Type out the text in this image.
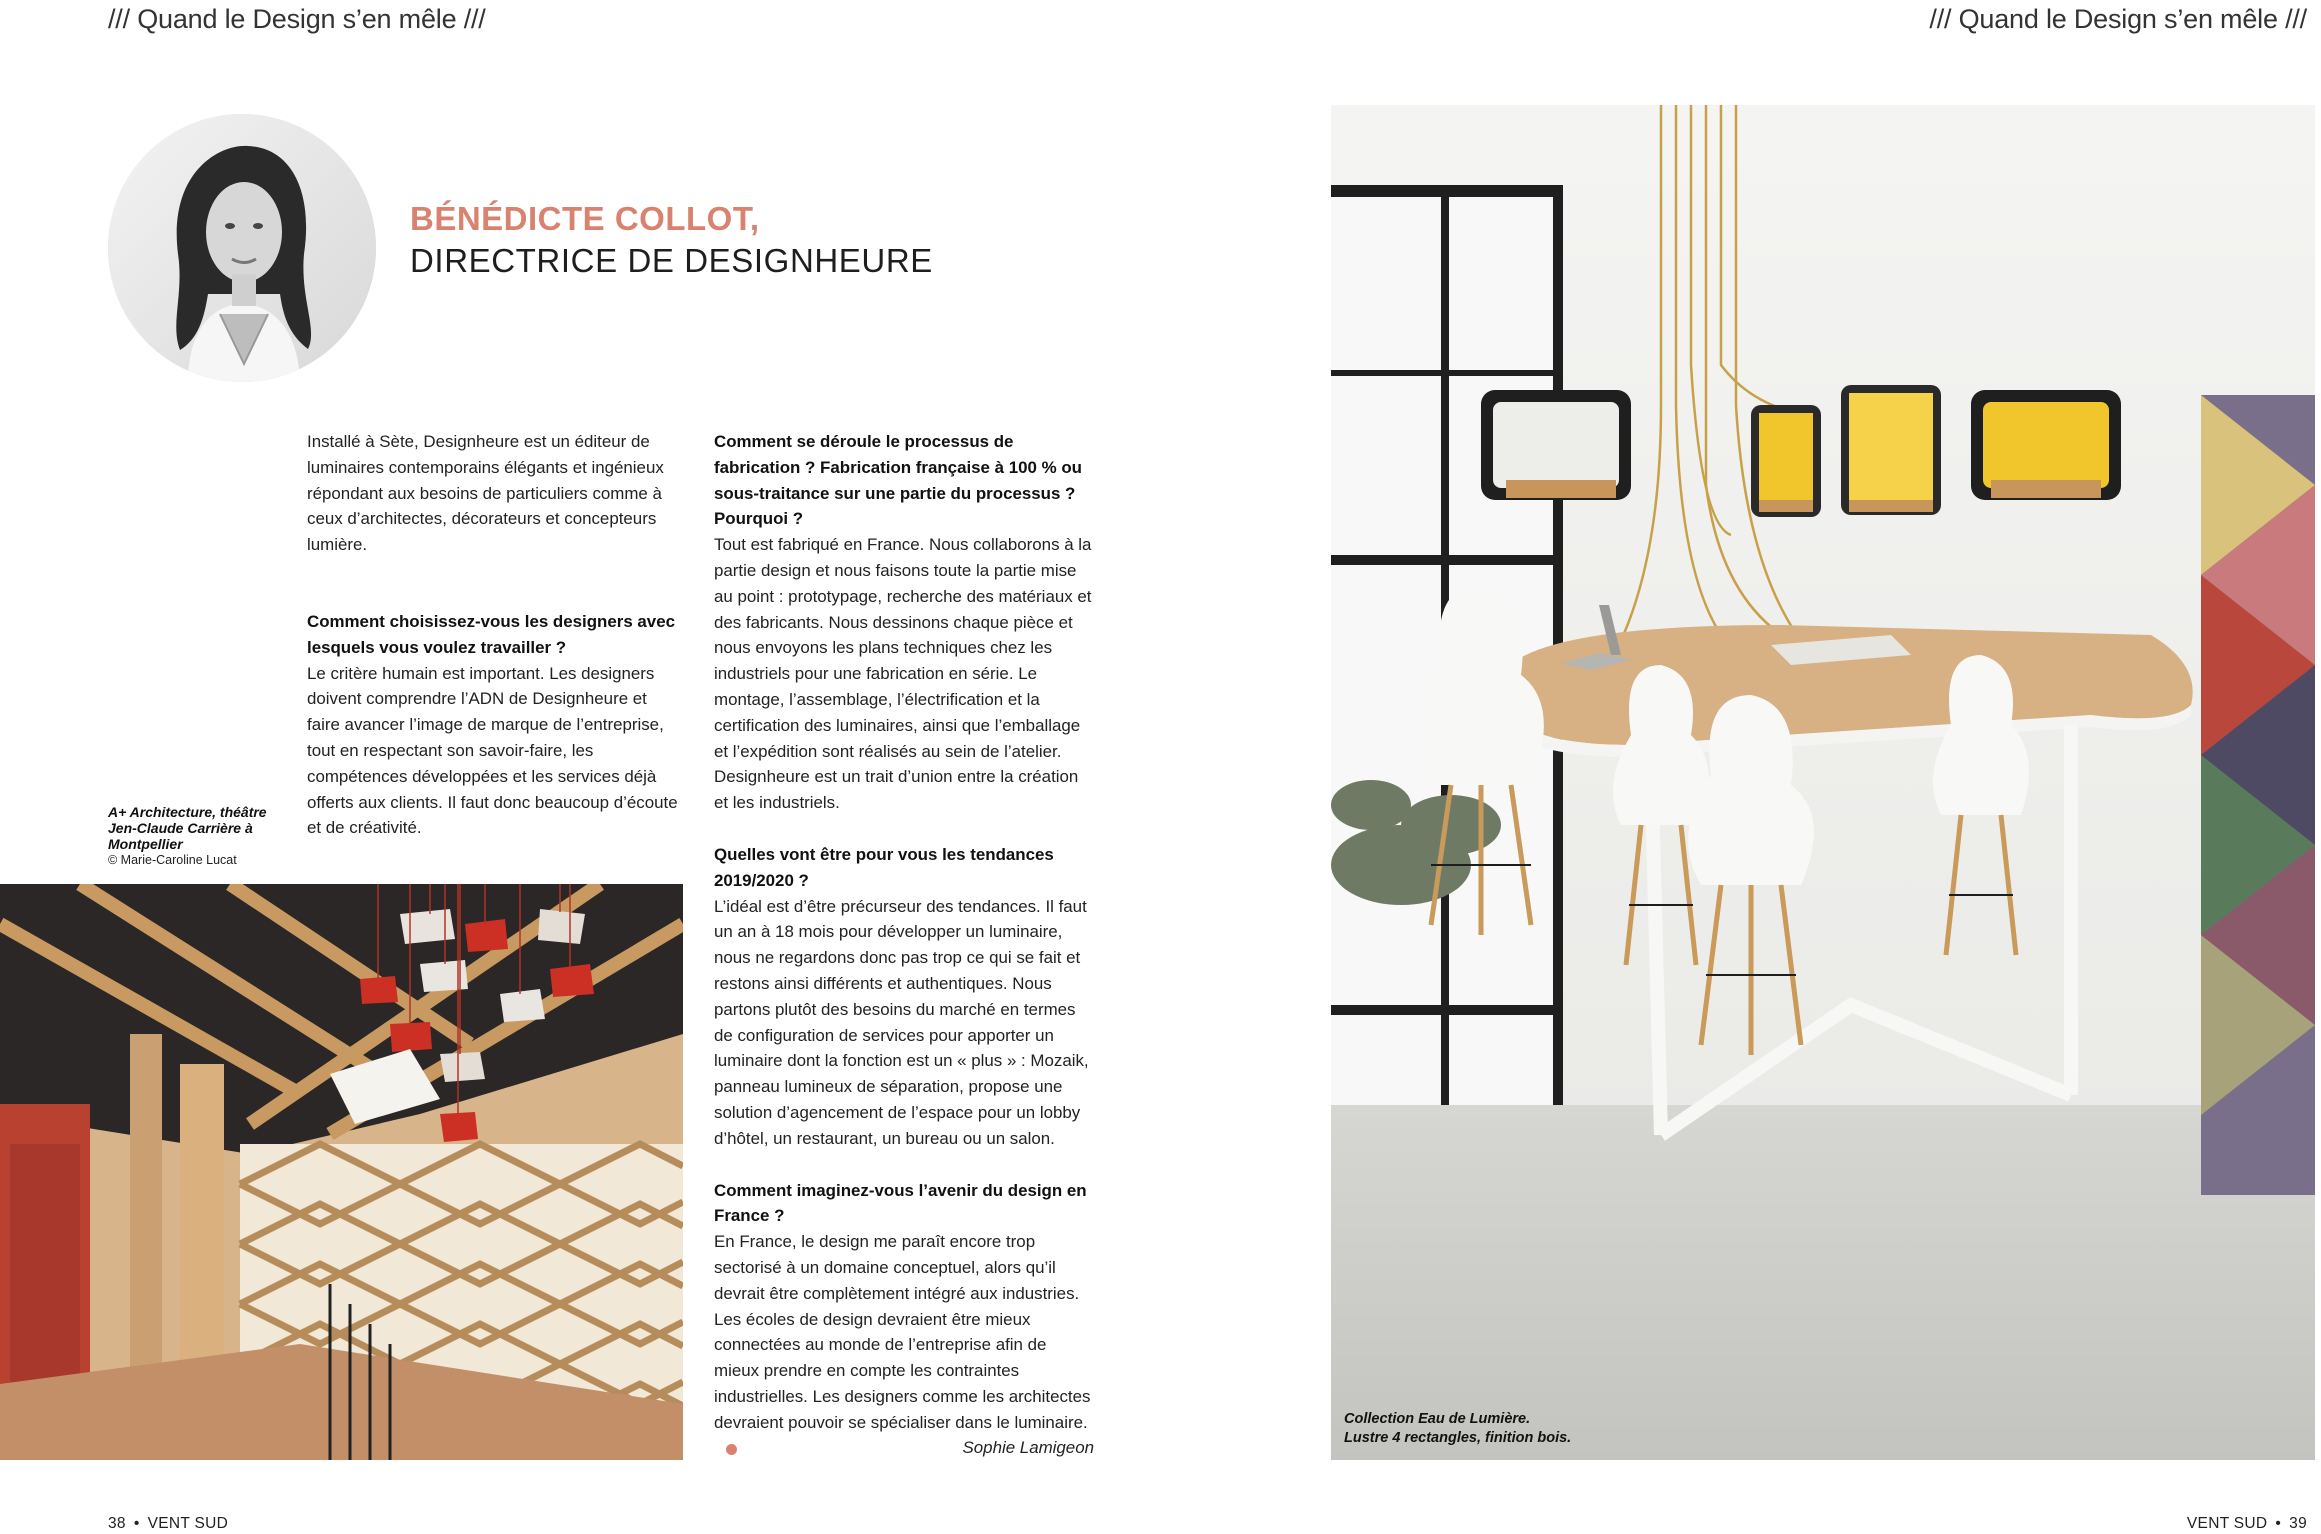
/// Quand le Design s’en mêle ///	/// Quand le Design s’en mêle ///
BÉNÉDICTE COLLOT,
DIRECTRICE DE DESIGNHEURE

Installé à Sète, Designheure est un éditeur de luminaires contemporains élégants et ingénieux répondant aux besoins de particuliers comme à ceux d’architectes, décorateurs et concepteurs lumière.

Comment choisissez-vous les designers avec lesquels vous voulez travailler ?

Le critère humain est important. Les designers doivent comprendre l’ADN de Designheure et faire avancer l’image de marque de l’entreprise, tout en respectant son savoir-faire, les compétences développées et les services déjà offerts aux clients. Il faut donc beaucoup d’écoute et de créativité.

Comment se déroule le processus de fabrication ? Fabrication française à 100 % ou sous-traitance sur une partie du processus ? Pourquoi ?

Tout est fabriqué en France. Nous collaborons à la partie design et nous faisons toute la partie mise au point : prototypage, recherche des matériaux et des fabricants. Nous dessinons chaque pièce et nous envoyons les plans techniques chez les industriels pour une fabrication en série. Le montage, l’assemblage, l’électrification et la certification des luminaires, ainsi que l’emballage et l’expédition sont réalisés au sein de l’atelier. Designheure est un trait d’union entre la création et les industriels.

Quelles vont être pour vous les tendances 2019/2020 ?

L’idéal est d’être précurseur des tendances. Il faut un an à 18 mois pour développer un luminaire, nous ne regardons donc pas trop ce qui se fait et restons ainsi différents et authentiques. Nous partons plutôt des besoins du marché en termes de configuration de services pour apporter un luminaire dont la fonction est un « plus » : Mozaik, panneau lumineux de séparation, propose une solution d’agencement de l’espace pour un lobby d’hôtel, un restaurant, un bureau ou un salon.

Comment imaginez-vous l’avenir du design en France ?

En France, le design me paraît encore trop sectorisé à un domaine conceptuel, alors qu’il devrait être complètement intégré aux industries. Les écoles de design devraient être mieux connectées au monde de l’entreprise afin de mieux prendre en compte les contraintes industrielles. Les designers comme les architectes devraient pouvoir se spécialiser dans le luminaire.
Sophie Lamigeon

A+ Architecture, théâtre Jen-Claude Carrière à Montpellier
© Marie-Caroline Lucat
Collection Eau de Lumière.
Lustre 4 rectangles, finition bois.
38 • VENT SUD	VENT SUD • 39
